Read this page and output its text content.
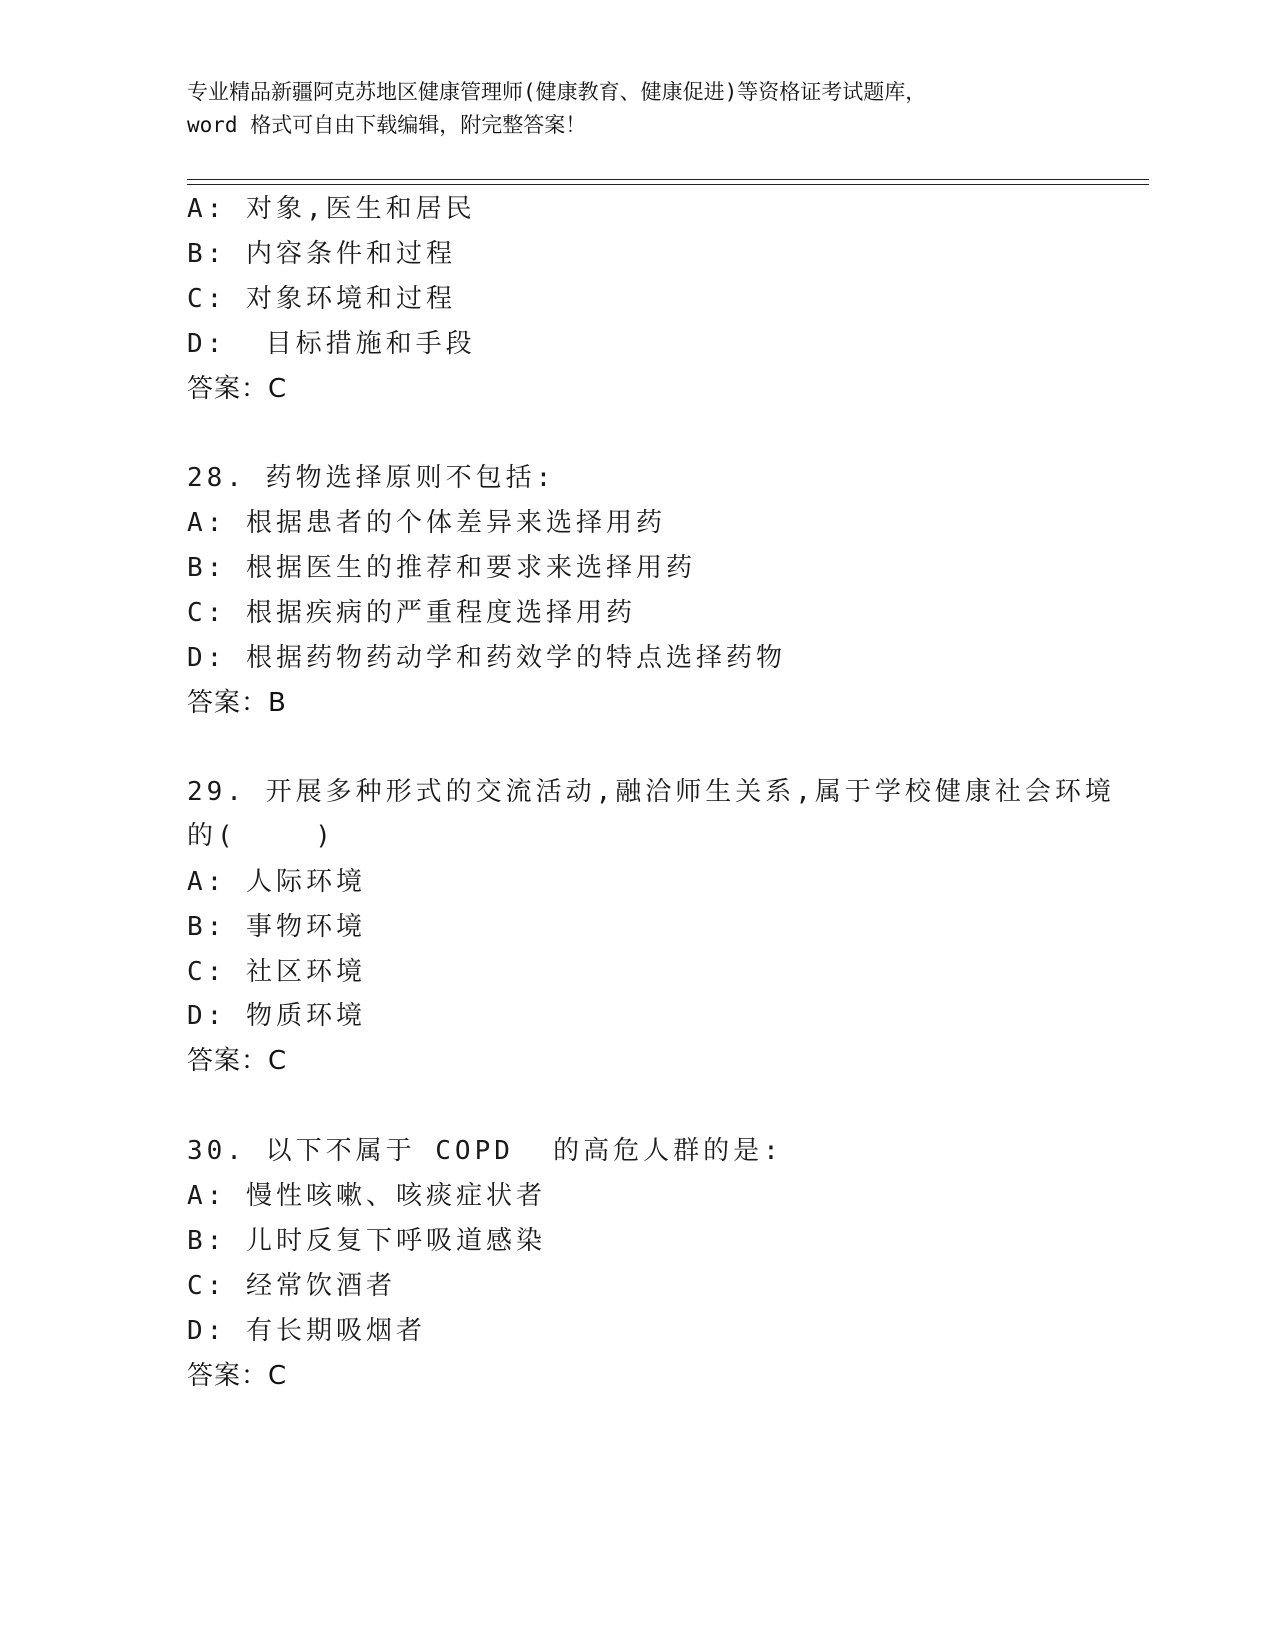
专业精品新疆阿克苏地区健康管理师(健康教育、健康促进)等资格证考试题库，
word 格式可自由下载编辑，附完整答案！
A: 对象,医生和居民
B: 内容条件和过程
C: 对象环境和过程
D:  目标措施和手段
答案：C
28. 药物选择原则不包括:
A: 根据患者的个体差异来选择用药
B: 根据医生的推荐和要求来选择用药
C: 根据疾病的严重程度选择用药
D: 根据药物药动学和药效学的特点选择药物
答案：B
29. 开展多种形式的交流活动,融洽师生关系,属于学校健康社会环境
的(    )
A: 人际环境
B: 事物环境
C: 社区环境
D: 物质环境
答案：C
30. 以下不属于 COPD  的高危人群的是:
A: 慢性咳嗽、咳痰症状者
B: 儿时反复下呼吸道感染
C: 经常饮酒者
D: 有长期吸烟者
答案：C
